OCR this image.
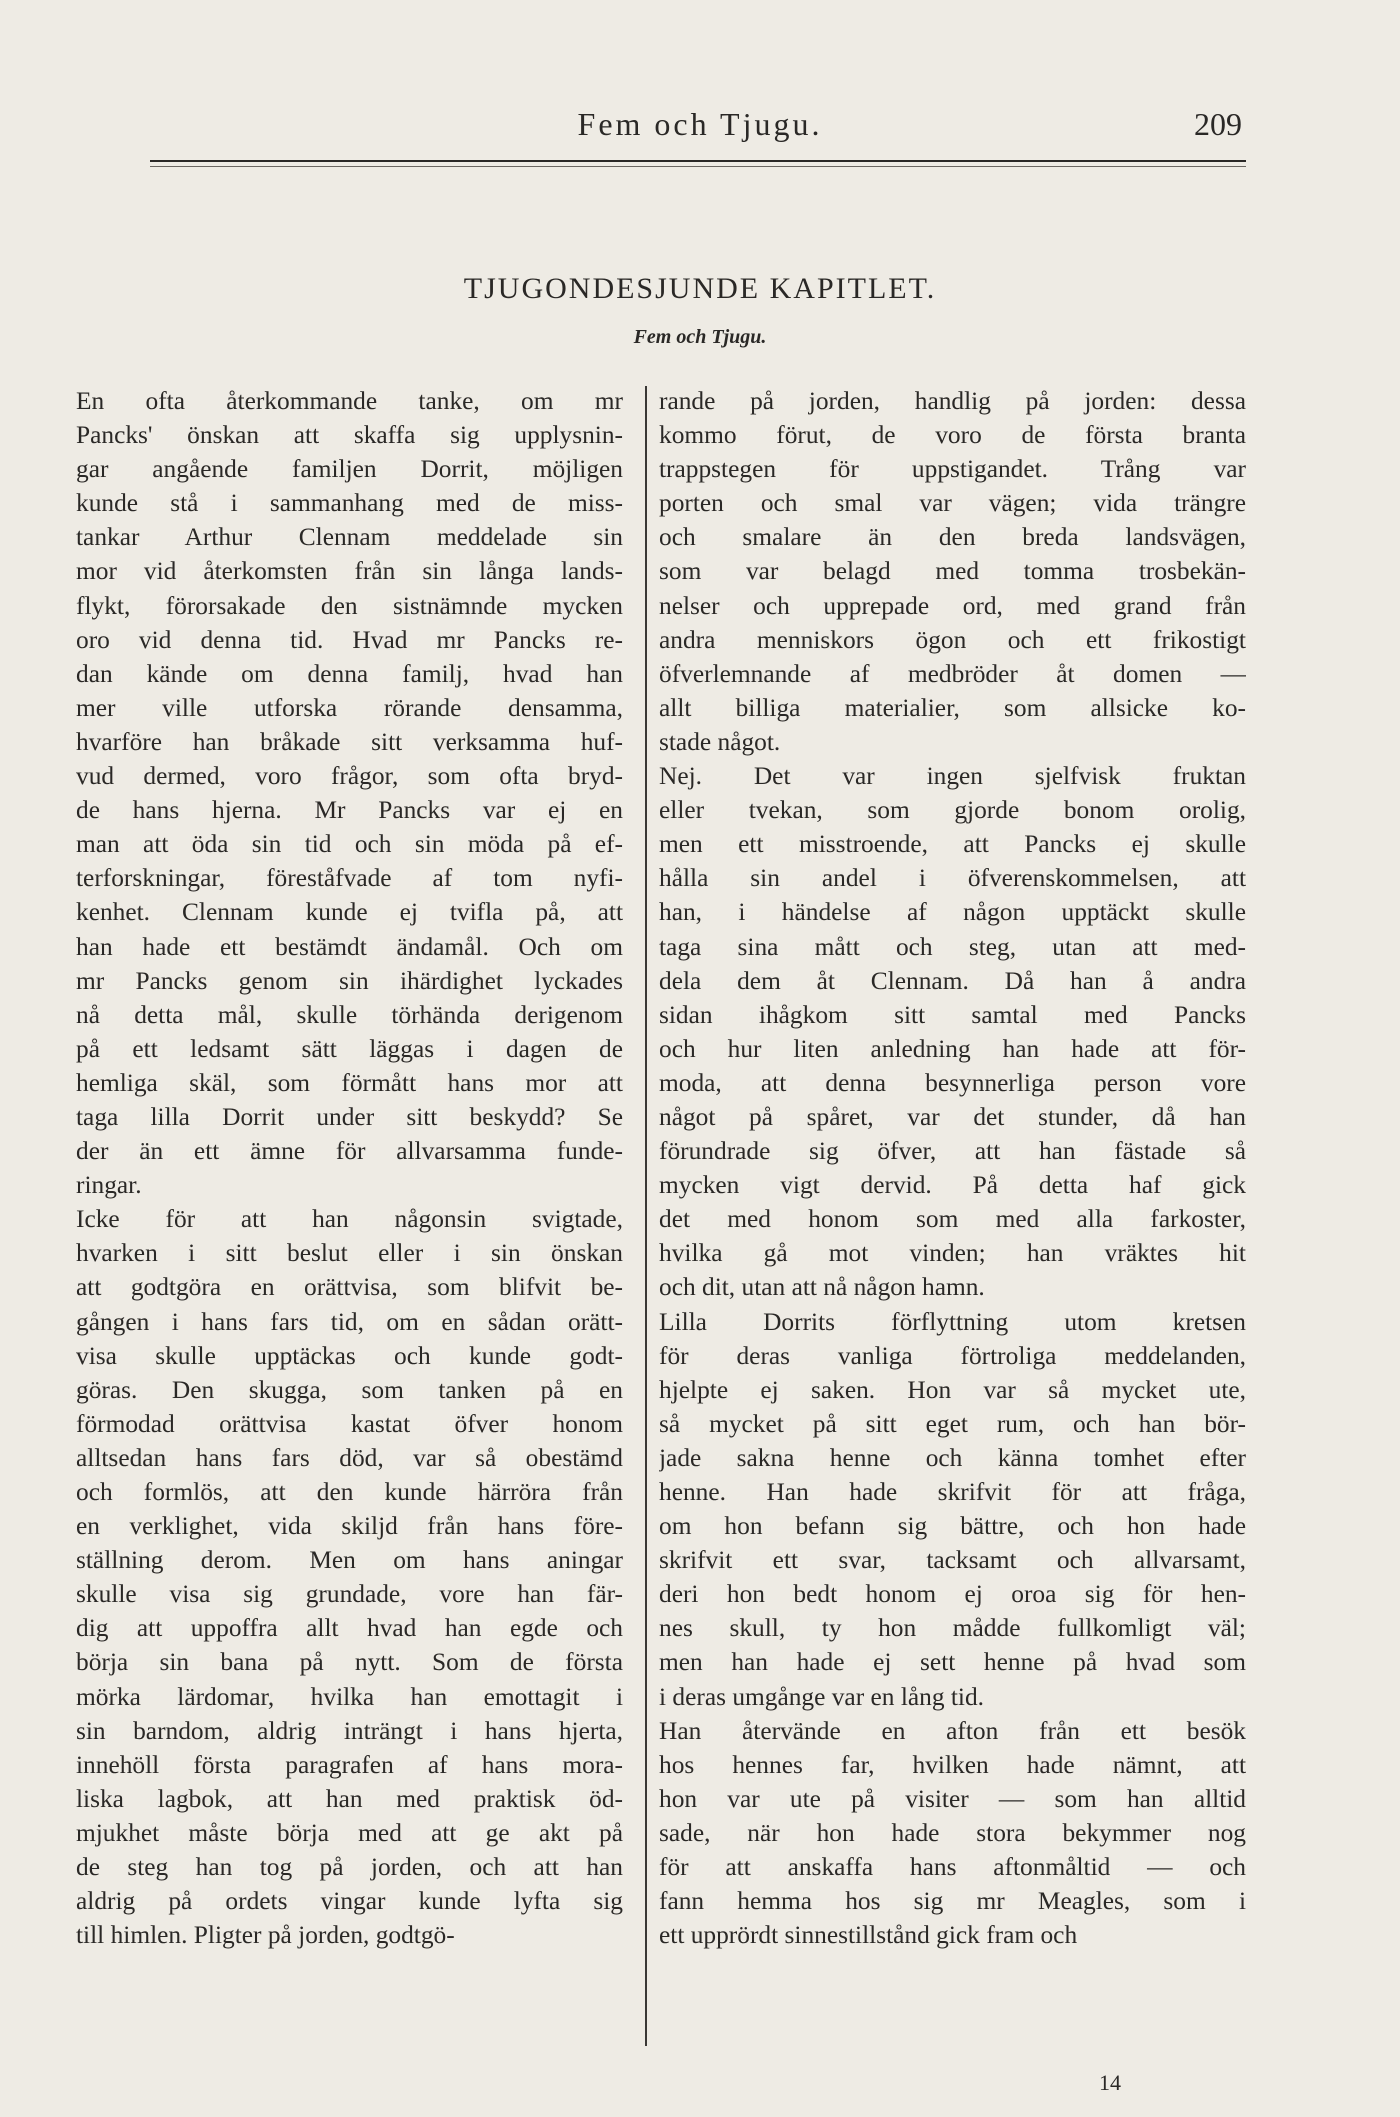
Fem och Tjugu.	209
TJUGONDESJUNDE KAPITLET.
Fem och Tjugu.
En ofta återkommande tanke, om mr
Pancks' önskan att skaffa sig upplysnin-
gar angående familjen Dorrit, möjligen
kunde stå i sammanhang med de miss-
tankar Arthur Clennam meddelade sin
mor vid återkomsten från sin långa lands-
flykt, förorsakade den sistnämnde mycken
oro vid denna tid. Hvad mr Pancks re-
dan kände om denna familj, hvad han
mer ville utforska rörande densamma,
hvarföre han bråkade sitt verksamma huf-
vud dermed, voro frågor, som ofta bryd-
de hans hjerna. Mr Pancks var ej en
man att öda sin tid och sin möda på ef-
terforskningar, föreståfvade af tom nyfi-
kenhet. Clennam kunde ej tvifla på, att
han hade ett bestämdt ändamål. Och om
mr Pancks genom sin ihärdighet lyckades
nå detta mål, skulle törhända derigenom
på ett ledsamt sätt läggas i dagen de
hemliga skäl, som förmått hans mor att
taga lilla Dorrit under sitt beskydd? Se
der än ett ämne för allvarsamma funde-
ringar.
Icke för att han någonsin svigtade,
hvarken i sitt beslut eller i sin önskan
att godtgöra en orättvisa, som blifvit be-
gången i hans fars tid, om en sådan orätt-
visa skulle upptäckas och kunde godt-
göras. Den skugga, som tanken på en
förmodad orättvisa kastat öfver honom
alltsedan hans fars död, var så obestämd
och formlös, att den kunde härröra från
en verklighet, vida skiljd från hans före-
ställning derom. Men om hans aningar
skulle visa sig grundade, vore han fär-
dig att uppoffra allt hvad han egde och
börja sin bana på nytt. Som de första
mörka lärdomar, hvilka han emottagit i
sin barndom, aldrig inträngt i hans hjerta,
innehöll första paragrafen af hans mora-
liska lagbok, att han med praktisk öd-
mjukhet måste börja med att ge akt på
de steg han tog på jorden, och att han
aldrig på ordets vingar kunde lyfta sig
till himlen. Pligter på jorden, godtgö-
rande på jorden, handlig på jorden: dessa
kommo förut, de voro de första branta
trappstegen för uppstigandet. Trång var
porten och smal var vägen; vida trängre
och smalare än den breda landsvägen,
som var belagd med tomma trosbekän-
nelser och upprepade ord, med grand från
andra menniskors ögon och ett frikostigt
öfverlemnande af medbröder åt domen —
allt billiga materialier, som allsicke ko-
stade något.
Nej. Det var ingen sjelfvisk fruktan
eller tvekan, som gjorde bonom orolig,
men ett misstroende, att Pancks ej skulle
hålla sin andel i öfverenskommelsen, att
han, i händelse af någon upptäckt skulle
taga sina mått och steg, utan att med-
dela dem åt Clennam. Då han å andra
sidan ihågkom sitt samtal med Pancks
och hur liten anledning han hade att för-
moda, att denna besynnerliga person vore
något på spåret, var det stunder, då han
förundrade sig öfver, att han fästade så
mycken vigt dervid. På detta haf gick
det med honom som med alla farkoster,
hvilka gå mot vinden; han vräktes hit
och dit, utan att nå någon hamn.
Lilla Dorrits förflyttning utom kretsen
för deras vanliga förtroliga meddelanden,
hjelpte ej saken. Hon var så mycket ute,
så mycket på sitt eget rum, och han bör-
jade sakna henne och känna tomhet efter
henne. Han hade skrifvit för att fråga,
om hon befann sig bättre, och hon hade
skrifvit ett svar, tacksamt och allvarsamt,
deri hon bedt honom ej oroa sig för hen-
nes skull, ty hon mådde fullkomligt väl;
men han hade ej sett henne på hvad som
i deras umgånge var en lång tid.
Han återvände en afton från ett besök
hos hennes far, hvilken hade nämnt, att
hon var ute på visiter — som han alltid
sade, när hon hade stora bekymmer nog
för att anskaffa hans aftonmåltid — och
fann hemma hos sig mr Meagles, som i
ett upprördt sinnestillstånd gick fram och
14
